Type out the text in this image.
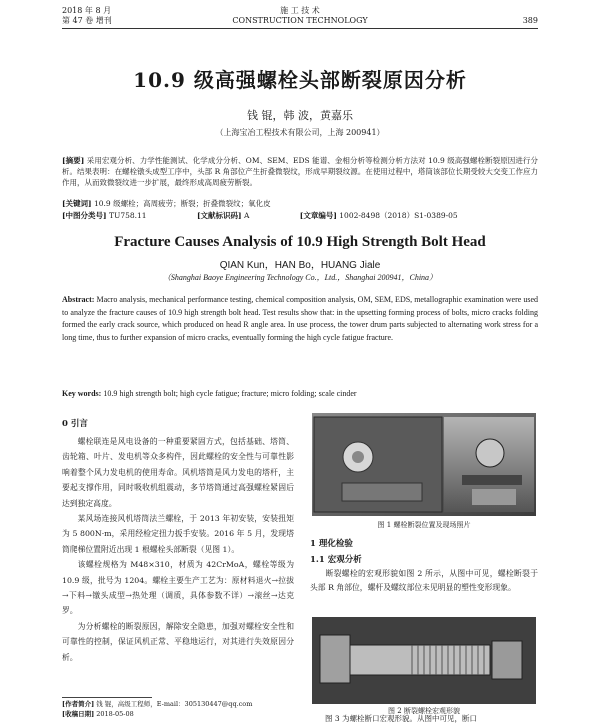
2018 年 8 月
第 47 卷 增刊
施 工 技 术
CONSTRUCTION TECHNOLOGY	389
10.9 级高强螺栓头部断裂原因分析
钱 锟，韩 波，黄嘉乐
（上海宝冶工程技术有限公司，上海 200941）
[摘要] 采用宏观分析、力学性能测试、化学成分分析、OM、SEM、EDS 能谱、金相分析等检测分析方法对 10.9 级高强螺栓断裂原因进行分析。结果表明：在螺栓镦头成型工序中，头部 R 角部位产生折叠微裂纹，形成早期裂纹源。在使用过程中，塔筒该部位长期受较大交变工作应力作用，从而致微裂纹进一步扩展，最终形成高周疲劳断裂。
[关键词] 10.9 级螺栓；高周疲劳；断裂；折叠微裂纹；氧化皮
[中图分类号] TU758.11	[文献标识码] A	[文章编号] 1002-8498（2018）S1-0389-05
Fracture Causes Analysis of 10.9 High Strength Bolt Head
QIAN Kun，HAN Bo，HUANG Jiale
（Shanghai Baoye Engineering Technology Co.，Ltd.，Shanghai 200941，China）
Abstract: Macro analysis, mechanical performance testing, chemical composition analysis, OM, SEM, EDS, metallographic examination were used to analyze the fracture causes of 10.9 high strength bolt head. Test results show that: in the upsetting forming process of bolts, micro cracks folding formed the early crack source, which produced on head R angle area. In use process, the tower drum parts subjected to alternating work stress for a long time, thus to further expansion of micro cracks, eventually forming the high cycle fatigue fracture.
Key words: 10.9 high strength bolt; high cycle fatigue; fracture; micro folding; scale cinder
0 引言

螺栓联连是风电设备的一种重要紧固方式，包括基础、塔筒、齿轮箱、叶片、发电机等众多构件，因此螺栓的安全性与可靠性影响着整个风力发电机的使用寿命。风机塔筒是风力发电的塔杆，主要起支撑作用，同时吸收机组震动，多节塔筒通过高强螺栓紧固后达到独定高度。

某风场连接风机塔筒法兰螺栓，于 2013 年初安装，安装扭矩为 5 800N·m，采用经检定扭力扳手安装。2016 年 5 月，发现塔筒爬梯位置附近出现 1 根螺栓头部断裂（见图 1）。

该螺栓规格为 M48×310，材质为 42CrMoA，螺栓等级为 10.9 级，批号为 1204。螺栓主要生产工艺为：原材料退火→拉拔→下料→镦头成型→热处理（调质，具体参数不详）→滚丝→达克罗。

为分析螺栓的断裂原因，解除安全隐患，加强对螺栓安全性和可靠性的控制，保证风机正常、平稳地运行，对其进行失效原因分析。

[作者简介] 钱 锟，高级工程师，E-mail：305130447@qq.com
[收稿日期] 2018-05-08
图 1 螺栓断裂位置及现场照片
1 理化检验
1.1 宏观分析

断裂螺栓的宏观形貌如图 2 所示，从图中可见，螺栓断裂于头部 R 角部位，螺杆及螺纹部位未见明显的塑性变形现象。

图 2 断裂螺栓宏观形貌
图 3 为螺栓断口宏观形貌。从图中可见，断口
